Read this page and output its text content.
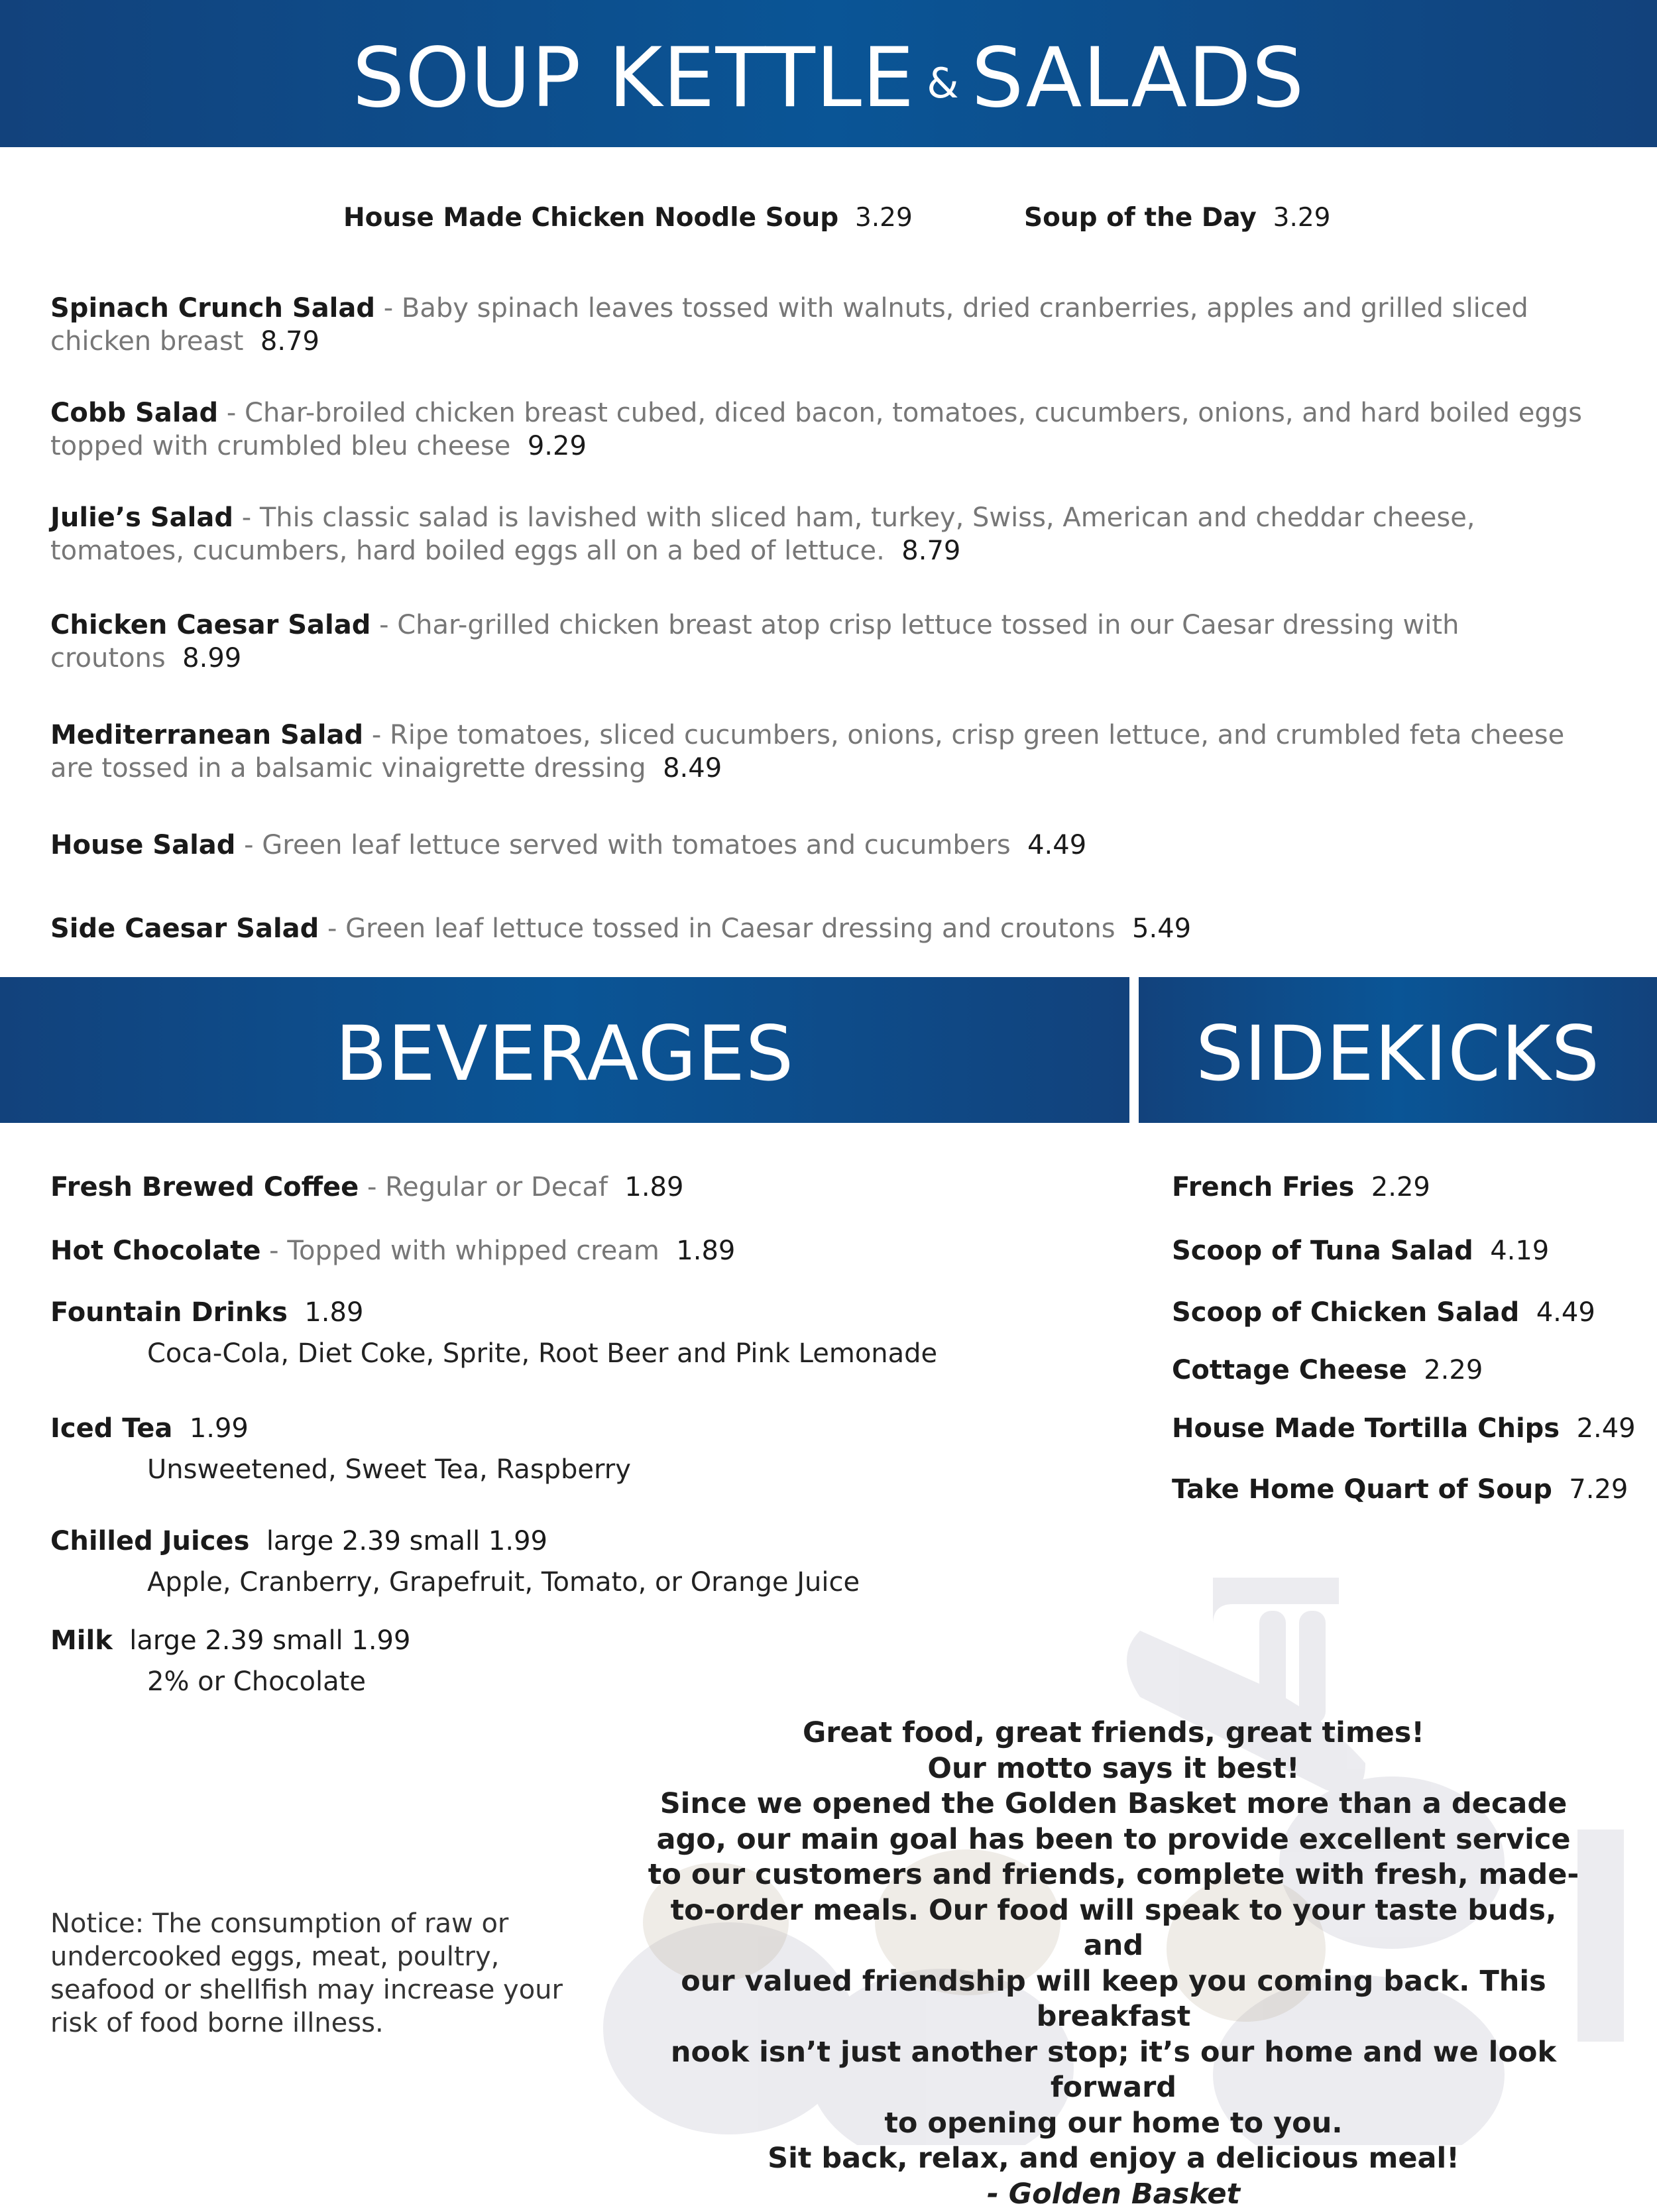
SOUP KETTLE & SALADS
House Made Chicken Noodle Soup 3.29	Soup of the Day 3.29

Spinach Crunch Salad - Baby spinach leaves tossed with walnuts, dried cranberries, apples and grilled sliced chicken breast 8.79

Cobb Salad - Char-broiled chicken breast cubed, diced bacon, tomatoes, cucumbers, onions, and hard boiled eggs topped with crumbled bleu cheese 9.29

Julie’s Salad - This classic salad is lavished with sliced ham, turkey, Swiss, American and cheddar cheese, tomatoes, cucumbers, hard boiled eggs all on a bed of lettuce. 8.79

Chicken Caesar Salad - Char-grilled chicken breast atop crisp lettuce tossed in our Caesar dressing with croutons 8.99

Mediterranean Salad - Ripe tomatoes, sliced cucumbers, onions, crisp green lettuce, and crumbled feta cheese are tossed in a balsamic vinaigrette dressing 8.49

House Salad - Green leaf lettuce served with tomatoes and cucumbers 4.49

Side Caesar Salad - Green leaf lettuce tossed in Caesar dressing and croutons 5.49

BEVERAGES	SIDEKICKS
Fresh Brewed Coffee - Regular or Decaf 1.89
Hot Chocolate - Topped with whipped cream 1.89
Fountain Drinks 1.89
Coca-Cola, Diet Coke, Sprite, Root Beer and Pink Lemonade
Iced Tea 1.99
Unsweetened, Sweet Tea, Raspberry
Chilled Juices large 2.39 small 1.99
Apple, Cranberry, Grapefruit, Tomato, or Orange Juice
Milk large 2.39 small 1.99
2% or Chocolate
French Fries 2.29
Scoop of Tuna Salad 4.19
Scoop of Chicken Salad 4.49
Cottage Cheese 2.29
House Made Tortilla Chips 2.49
Take Home Quart of Soup 7.29
Notice: The consumption of raw or undercooked eggs, meat, poultry, seafood or shellfish may increase your risk of food borne illness.
Great food, great friends, great times!
Our motto says it best!
Since we opened the Golden Basket more than a decade
ago, our main goal has been to provide excellent service
to our customers and friends, complete with fresh, made-
to-order meals. Our food will speak to your taste buds, and
our valued friendship will keep you coming back. This breakfast
nook isn’t just another stop; it’s our home and we look forward
to opening our home to you.
Sit back, relax, and enjoy a delicious meal!
- Golden Basket
